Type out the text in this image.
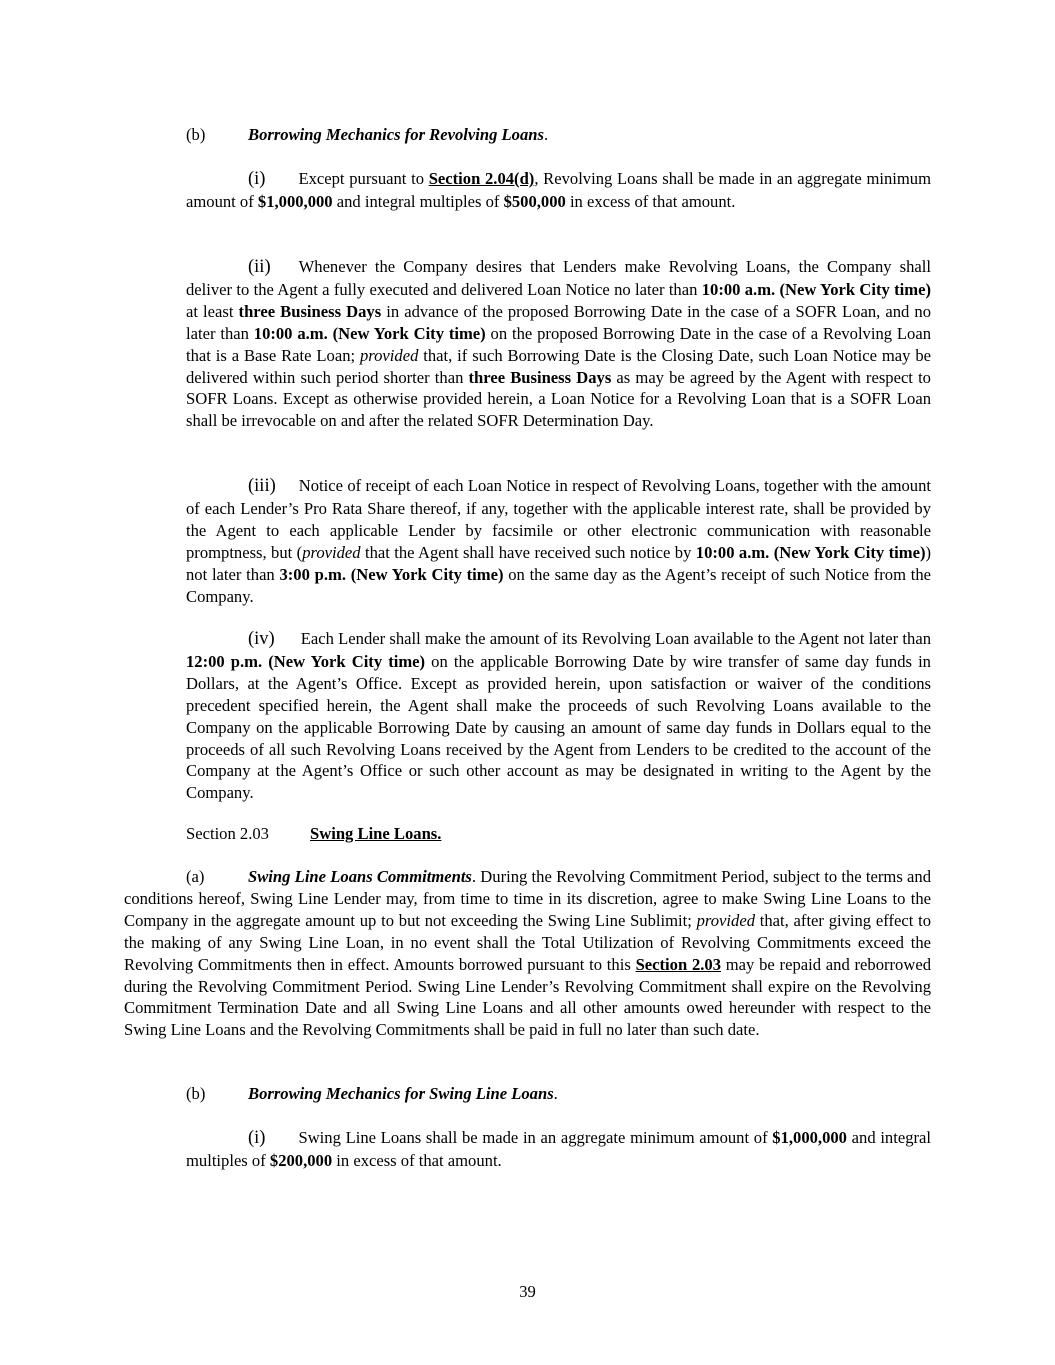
(b)	Borrowing Mechanics for Revolving Loans.
(i) Except pursuant to Section 2.04(d), Revolving Loans shall be made in an aggregate minimum amount of $1,000,000 and integral multiples of $500,000 in excess of that amount.
(ii) Whenever the Company desires that Lenders make Revolving Loans, the Company shall deliver to the Agent a fully executed and delivered Loan Notice no later than 10:00 a.m. (New York City time) at least three Business Days in advance of the proposed Borrowing Date in the case of a SOFR Loan, and no later than 10:00 a.m. (New York City time) on the proposed Borrowing Date in the case of a Revolving Loan that is a Base Rate Loan; provided that, if such Borrowing Date is the Closing Date, such Loan Notice may be delivered within such period shorter than three Business Days as may be agreed by the Agent with respect to SOFR Loans. Except as otherwise provided herein, a Loan Notice for a Revolving Loan that is a SOFR Loan shall be irrevocable on and after the related SOFR Determination Day.
(iii) Notice of receipt of each Loan Notice in respect of Revolving Loans, together with the amount of each Lender’s Pro Rata Share thereof, if any, together with the applicable interest rate, shall be provided by the Agent to each applicable Lender by facsimile or other electronic communication with reasonable promptness, but (provided that the Agent shall have received such notice by 10:00 a.m. (New York City time)) not later than 3:00 p.m. (New York City time) on the same day as the Agent’s receipt of such Notice from the Company.
(iv) Each Lender shall make the amount of its Revolving Loan available to the Agent not later than 12:00 p.m. (New York City time) on the applicable Borrowing Date by wire transfer of same day funds in Dollars, at the Agent’s Office. Except as provided herein, upon satisfaction or waiver of the conditions precedent specified herein, the Agent shall make the proceeds of such Revolving Loans available to the Company on the applicable Borrowing Date by causing an amount of same day funds in Dollars equal to the proceeds of all such Revolving Loans received by the Agent from Lenders to be credited to the account of the Company at the Agent’s Office or such other account as may be designated in writing to the Agent by the Company.
Section 2.03 Swing Line Loans.
(a)	Swing Line Loans Commitments. During the Revolving Commitment Period, subject to the terms and conditions hereof, Swing Line Lender may, from time to time in its discretion, agree to make Swing Line Loans to the Company in the aggregate amount up to but not exceeding the Swing Line Sublimit; provided that, after giving effect to the making of any Swing Line Loan, in no event shall the Total Utilization of Revolving Commitments exceed the Revolving Commitments then in effect. Amounts borrowed pursuant to this Section 2.03 may be repaid and reborrowed during the Revolving Commitment Period. Swing Line Lender’s Revolving Commitment shall expire on the Revolving Commitment Termination Date and all Swing Line Loans and all other amounts owed hereunder with respect to the Swing Line Loans and the Revolving Commitments shall be paid in full no later than such date.
(b)	Borrowing Mechanics for Swing Line Loans.
(i) Swing Line Loans shall be made in an aggregate minimum amount of $1,000,000 and integral multiples of $200,000 in excess of that amount.
39
